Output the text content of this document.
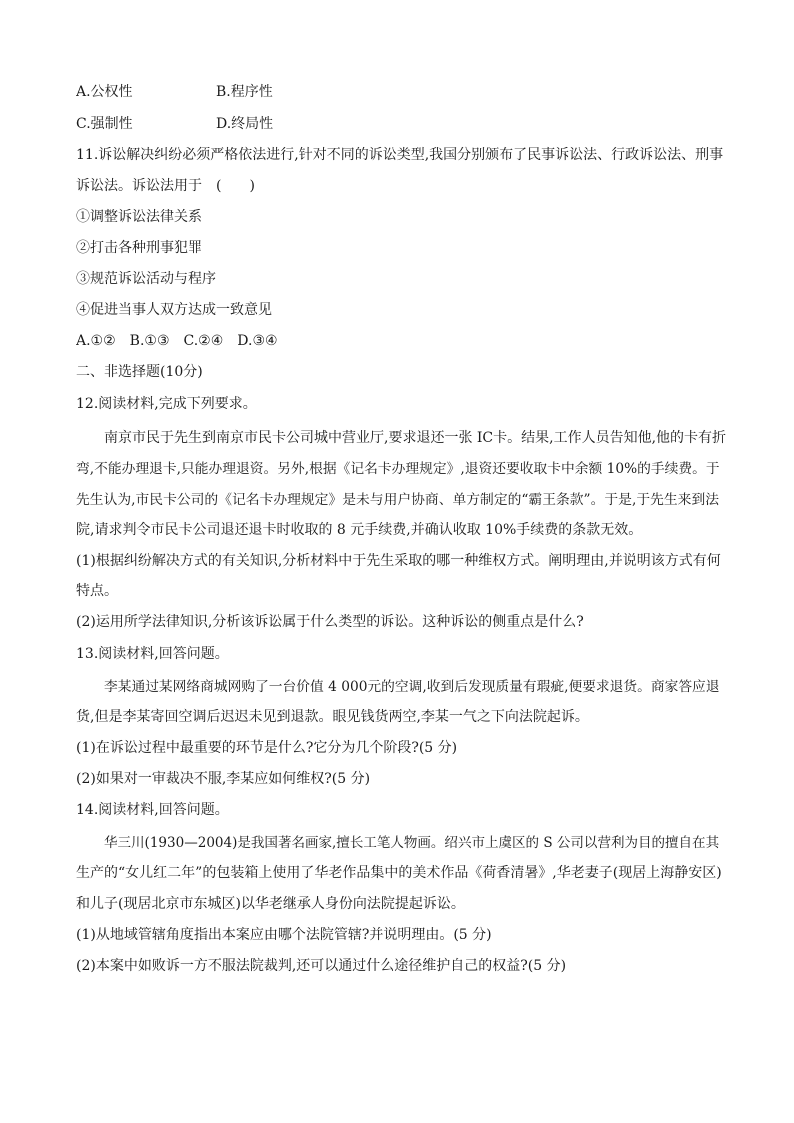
A.公权性	B.程序性
C.强制性	D.终局性
11.诉讼解决纠纷必须严格依法进行,针对不同的诉讼类型,我国分别颁布了民事诉讼法、行政诉讼法、刑事
诉讼法。诉讼法用于　(　　)
①调整诉讼法律关系
②打击各种刑事犯罪
③规范诉讼活动与程序
④促进当事人双方达成一致意见
A.①②　B.①③　C.②④　D.③④
二、非选择题(10分)
12.阅读材料,完成下列要求。
南京市民于先生到南京市民卡公司城中营业厅,要求退还一张 IC卡。结果,工作人员告知他,他的卡有折
弯,不能办理退卡,只能办理退资。另外,根据《记名卡办理规定》,退资还要收取卡中余额 10%的手续费。于
先生认为,市民卡公司的《记名卡办理规定》是未与用户协商、单方制定的“霸王条款”。于是,于先生来到法
院,请求判令市民卡公司退还退卡时收取的 8 元手续费,并确认收取 10%手续费的条款无效。
(1)根据纠纷解决方式的有关知识,分析材料中于先生采取的哪一种维权方式。阐明理由,并说明该方式有何
特点。
(2)运用所学法律知识,分析该诉讼属于什么类型的诉讼。这种诉讼的侧重点是什么?
13.阅读材料,回答问题。
李某通过某网络商城网购了一台价值 4 000元的空调,收到后发现质量有瑕疵,便要求退货。商家答应退
货,但是李某寄回空调后迟迟未见到退款。眼见钱货两空,李某一气之下向法院起诉。
(1)在诉讼过程中最重要的环节是什么?它分为几个阶段?(5 分)
(2)如果对一审裁决不服,李某应如何维权?(5 分)
14.阅读材料,回答问题。
华三川(1930—2004)是我国著名画家,擅长工笔人物画。绍兴市上虞区的 S 公司以营利为目的擅自在其
生产的“女儿红二年”的包装箱上使用了华老作品集中的美术作品《荷香清暑》,华老妻子(现居上海静安区)
和儿子(现居北京市东城区)以华老继承人身份向法院提起诉讼。
(1)从地域管辖角度指出本案应由哪个法院管辖?并说明理由。(5 分)
(2)本案中如败诉一方不服法院裁判,还可以通过什么途径维护自己的权益?(5 分)
